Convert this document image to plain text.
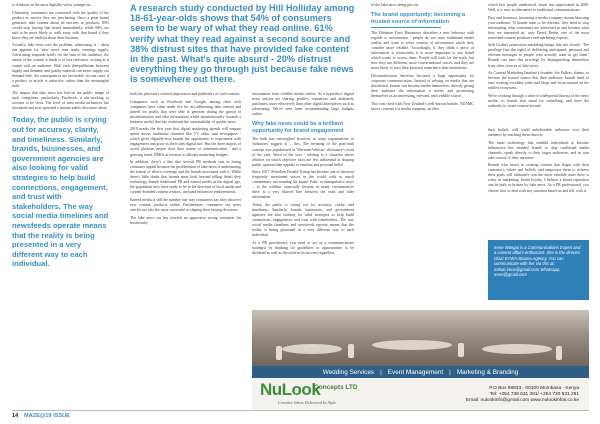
to Amazon on the most digitally-savvy younger m...

Ultimately, consumers are concerned with the quality of the product or service they are purchasing. Once a great brand generates fake content about its services or products, 89% would stop buying that brand immediately, while 68% are said to be more likely to walk away with that brand if they know they are truthful about their business.

Actually, fake news isn't the problem; advertising is - when our appetite for 'new' news runs ready, earnings supply. Advertising responds solely for the sum of the audience, the nature of the content it funds is of less relevance, as long as it comes with an audience. With each disequilibrium between supply and demand, and quality material can never supply our demand-side, the consequences are inevitable: no one cares if a product or article is attractive, rather than the meaningful truth.

The impact that fake news has had on the public image of such companies, particularly Facebook, a ubi-working to account to be clear. The level of trust media influences has decreased and now spawned a mature public discourse about

Today, the public is crying out for accuracy, clarity, and timeliness. Similarly, brands, businesses, and government agencies are also looking for valid strategies to help build connections, engagement, and trust with stakeholders. The way social media timelines and newsfeeds operate means that the reality is being presented in a very different way to each individual.
A research study conducted by Hill Holliday among 18-61-year-olds shows that 54% of consumers seem to be wary of what they read online. 61% verify what they read against a second source and 38% distrust sites that have provided fake content in the past. What's quite absurd - 20% distrust everything they go through just because fake news is somewhere out there.

both the platform's societal importance and publishers of such content.

Companies such as Facebook and Google, among other tech companies have come under fire for not addressing fake content and indeed for profits that were able to generate during the spread of misinformation and fake information whilst simultaneously towards a business model that has weakened the sustainability of quality news.

2019 marks the first year that digital marketing spends will surpass spend across traditional channels like TV, radio, and newspapers - which gives digitally-tech brands the opportunity to experiment with engagement and grow as their sites digital turf. But the three majors of social platform proper does their nature of communication - and a growing trend, DMOs at relation to allocate marketing budgets.

In addition, there's a fine that several PR methods cast in losing consumer appeal because the proliferation of fake news is undermining the format of advice coverage and the brands associated with it. While there's little doubt that brands must look beyond telling detail they technology brands traditional PR and earned media as the digital age, the population now have ready to be in the direction of local media and content-branded content creators, and paid influencer endorsements.

Earned media is still the number one way consumers say they discover new content, products online. Furthermore, consumers say news articles are also the most successful at shaping their buying decisions.

The fake news era has exacted an oppressive strong consumer for trustworthy

information from credible media outlets. As a byproduct, digital news articles are sharing, profiles, reputation, and ultimately purchases, more effectively than other digital alternatives such as advertising. We've seen been recommending large budgets online.

Why fake news could be a brilliant opportunity for brand engagement

The truth has outweighed however, as some organisations or 'industries' suggest is ... this. The meaning of the post-truth concept was popularised as 'Merriam-Webster' dictionary's word of the year. Word of the year - relating to a situation where reliance on which objective facts are less influential in shaping public opinion than appeals to emotion and personal belief.

Since 2017, President Donald Trump has become one of the most frequently mentioned voices in the world with so much commentary surrounding his brand. Fake, or manipulative news ... to the wildfire, especially because in many circumstances there is a very blurred line between the truth and false information.

Today, the public is crying out for accuracy, clarity, and timeliness. Similarly, brands, businesses, and government agencies are also looking for valid strategies to help build connections, engagement, and trust with stakeholders. The way social media timelines and newsfeeds operate means that the reality is being presented in a very different way to each individual.

As a PR practitioner, you need to act as a communications strategist by thinking for guidelines or opportunities to be dividend as well as the criteria for success regardless

of the fake news being put out.

The brand opportunity; becoming a trusted source of information

The Edelman Trust Barometer describes a new behavior with regards to information - people do not trust traditional media outlets and want to solve sources of information which they consider more reliable. Accordingly, if they think a piece of information is trustworthy it is more important to any brand which wants to access them. People still look for the truth, but now they use different, more conversational voices, and they are more likely to trust their personal experience than institutions.

Decentralization therefore becomes a huge opportunity for corporate communication. Instead of relying on media that are distributed, brands can become media themselves, directly giving their audience the information it needs, and positioning themselves as an interesting, relevant, and credible source.

This was cited with New Zealand's well-known brands. NZAMC (news content) is a media company, an idea

which first people understood, much less appreciated in 2009. Well, it is now as alternative to traditional communications

First and foremost, becoming a media company means knowing your audience. 'If brands want to be relevant, they need to stop interrupting what consumers are interested in and become what they are interested in,' says David Beebe, one of the most renowned content producers and marketing experts.

Seth Godin's permission marketing brings this one clearly: 'The privilege (not the right) of delivering anticipated, personal and relevant messages to people who actually want to get them.' Brands can earn this privilege by distinguishing themselves from other sources of fake news.

As Content Marketing Institute's founder, Joe Pulizzi, claims, to become the trusted source that their audience, brands need to start creating excellent video and blogs and focus instead on the unified ecosystem.

We're working through a time of widespread distrust of the news media, so brands that stand for something, and have the authority to create content around

Irene Wangui is a Communications Expert and a content affairs enthusiast. She is the director Olazi EYWA-Bauma Agency. You can communicate with her via this at: mthuti.irene@gmail.com Whatsapp: Irene@gmail.com
Wedding Services | Event Management | Marketing & Branding
NuLook
Concepts LTD
Creative Ideas Delivered In Style
P.O Box 88833 - 00100 Mombasa - Kenya
Tel: +254 738 631 381/ +254 720 531 291
Email: nulookinfo@gmail.com www.nulookinfos.co.ke
14 MAZE@19 ISSUE

their beliefs, will wield unbelievable influence over their audience by reaching them directly.

The same technology that enabled individuals to become influencers has enabled brands to skip traditional media channels, speak directly to their target audiences, and in turn take control of their narrative.

Brands who invest in creating content that aligns with their customer's values and beliefs, and empowers them to achieve their goals will ultimately win the most valuable asset there is today in marketing, brand loyalty. I believe a brand reputation can be built or broken by fake news. As a PR professional, you choose how to deal with any situation based on and tell, with it.
